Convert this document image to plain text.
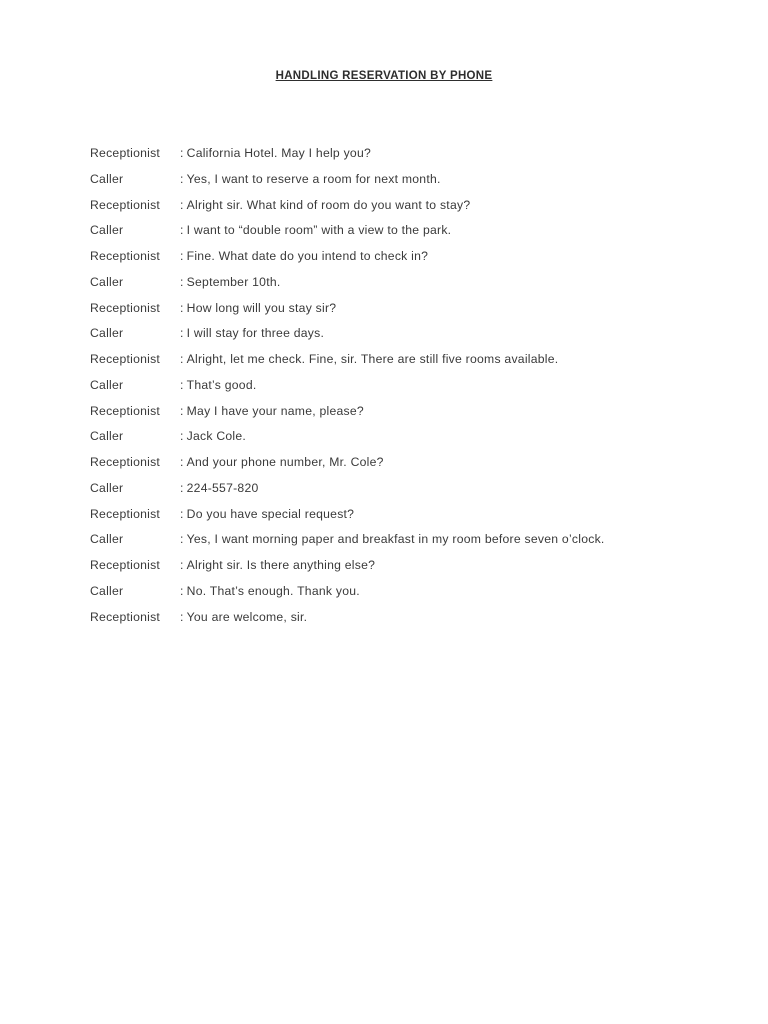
HANDLING RESERVATION BY PHONE
Receptionist	: California Hotel. May I help you?
Caller	: Yes, I want to reserve a room for next month.
Receptionist	: Alright sir. What kind of room do you want to stay?
Caller	: I want to “double room” with a view to the park.
Receptionist	: Fine. What date do you intend to check in?
Caller	: September 10th.
Receptionist	: How long will you stay sir?
Caller	: I will stay for three days.
Receptionist	: Alright, let me check. Fine, sir. There are still five rooms available.
Caller	: That’s good.
Receptionist	: May I have your name, please?
Caller	: Jack Cole.
Receptionist	: And your phone number, Mr. Cole?
Caller	: 224-557-820
Receptionist	: Do you have special request?
Caller	: Yes, I want morning paper and breakfast in my room before seven o’clock.
Receptionist	: Alright sir. Is there anything else?
Caller	: No. That’s enough. Thank you.
Receptionist	: You are welcome, sir.
